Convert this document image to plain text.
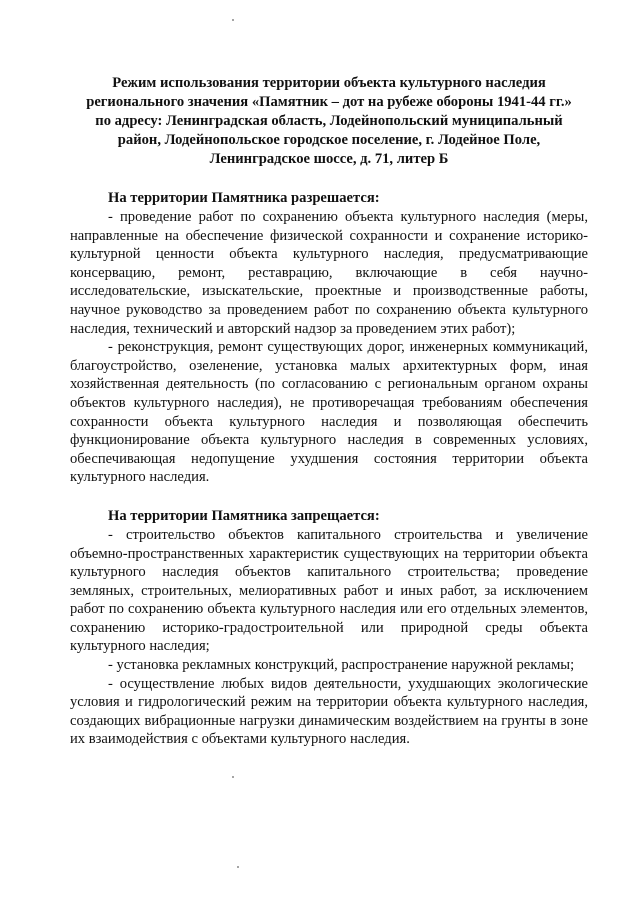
Режим использования территории объекта культурного наследия
регионального значения «Памятник – дот на рубеже обороны 1941-44 гг.»
по адресу: Ленинградская область, Лодейнопольский муниципальный
район, Лодейнопольское городское поселение, г. Лодейное Поле,
Ленинградское шоссе, д. 71, литер Б

На территории Памятника разрешается:

- проведение работ по сохранению объекта культурного наследия (меры, направленные на обеспечение физической сохранности и сохранение историко-культурной ценности объекта культурного наследия, предусматривающие консервацию, ремонт, реставрацию, включающие в себя научно-исследовательские, изыскательские, проектные и производственные работы, научное руководство за проведением работ по сохранению объекта культурного наследия, технический и авторский надзор за проведением этих работ);

- реконструкция, ремонт существующих дорог, инженерных коммуникаций, благоустройство, озеленение, установка малых архитектурных форм, иная хозяйственная деятельность (по согласованию с региональным органом охраны объектов культурного наследия), не противоречащая требованиям обеспечения сохранности объекта культурного наследия и позволяющая обеспечить функционирование объекта культурного наследия в современных условиях, обеспечивающая недопущение ухудшения состояния территории объекта культурного наследия.

На территории Памятника запрещается:

- строительство объектов капитального строительства и увеличение объемно-пространственных характеристик существующих на территории объекта культурного наследия объектов капитального строительства; проведение земляных, строительных, мелиоративных работ и иных работ, за исключением работ по сохранению объекта культурного наследия или его отдельных элементов, сохранению историко-градостроительной или природной среды объекта культурного наследия;

- установка рекламных конструкций, распространение наружной рекламы;

- осуществление любых видов деятельности, ухудшающих экологические условия и гидрологический режим на территории объекта культурного наследия, создающих вибрационные нагрузки динамическим воздействием на грунты в зоне их взаимодействия с объектами культурного наследия.
